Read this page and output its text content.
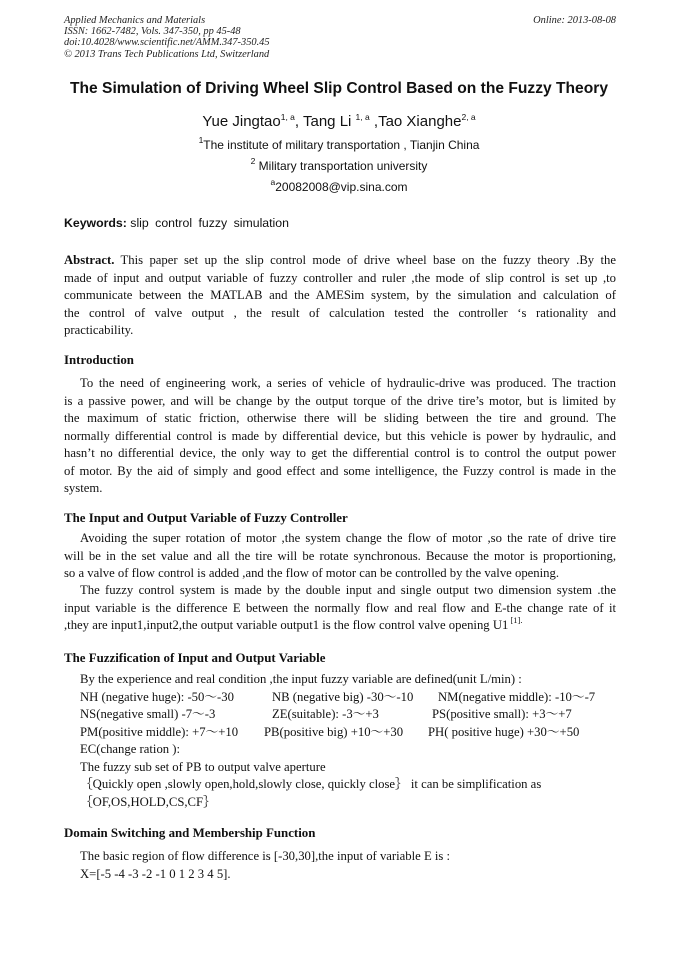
Applied Mechanics and Materials
ISSN: 1662-7482, Vols. 347-350, pp 45-48
doi:10.4028/www.scientific.net/AMM.347-350.45
© 2013 Trans Tech Publications Ltd, Switzerland
Online: 2013-08-08
The Simulation of Driving Wheel Slip Control Based on the Fuzzy Theory
Yue Jingtao$^{1, a}$, Tang Li $^{1, a}$ ,Tao Xianghe$^{2, a}$
$^1$The institute of military transportation , Tianjin China
$^2$ Military transportation university
$^a$20082008@vip.sina.com
Keywords: slip control fuzzy simulation
Abstract. This paper set up the slip control mode of drive wheel base on the fuzzy theory .By the
made of input and output variable of fuzzy controller and ruler ,the mode of slip control is set up ,to
communicate between the MATLAB and the AMESim system, by the simulation and calculation of
the control of valve output , the result of calculation tested the controller ‘s rationality and
practicability.
Introduction
To the need of engineering work, a series of vehicle of hydraulic-drive was produced. The traction
is a passive power, and will be change by the output torque of the drive tire’s motor, but is limited by
the maximum of static friction, otherwise there will be sliding between the tire and ground. The
normally differential control is made by differential device, but this vehicle is power by hydraulic, and
hasn’t no differential device, the only way to get the differential control is to control the output power
of motor. By the aid of simply and good effect and some intelligence, the Fuzzy control is made in the
system.
The Input and Output Variable of Fuzzy Controller
Avoiding the super rotation of motor ,the system change the flow of motor ,so the rate of drive tire
will be in the set value and all the tire will be rotate synchronous. Because the motor is proportioning,
so a valve of flow control is added ,and the flow of motor can be controlled by the valve opening.
The fuzzy control system is made by the double input and single output two dimension system .the
input variable is the difference E between the normally flow and real flow and E-the change rate of it
,they are input1,input2,the output variable output1 is the flow control valve opening U1 $^{[1].}$
The Fuzzification of Input and Output Variable
By the experience and real condition ,the input fuzzy variable are defined(unit L/min) :
NH (negative huge): -50～-30	NB (negative big) -30～-10 NM(negative middle): -10～-7
NS(negative small) -7～-3	ZE(suitable): -3～+3	PS(positive small): +3～+7
PM(positive middle): +7～+10 PB(positive big) +10～+30 PH( positive huge) +30～+50
EC(change ration ):
The fuzzy sub set of PB to output valve aperture
｛Quickly open ,slowly open,hold,slowly close, quickly close｝ it can be simplification as
｛OF,OS,HOLD,CS,CF｝
Domain Switching and Membership Function
The basic region of flow difference is [-30,30],the input of variable E is :
X=[-5 -4 -3 -2 -1 0 1 2 3 4 5].
